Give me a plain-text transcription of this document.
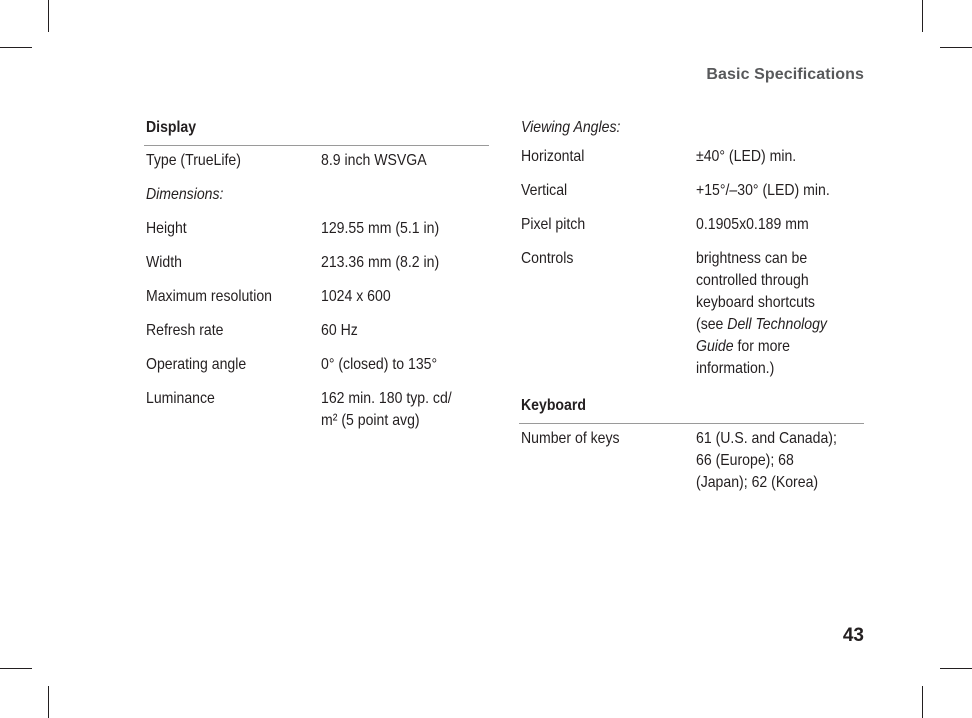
Basic Specifications
Display
Type (TrueLife)	8.9 inch WSVGA
Dimensions:
Height	129.55 mm (5.1 in)
Width	213.36 mm (8.2 in)
Maximum resolution	1024 x 600
Refresh rate	60 Hz
Operating angle	0° (closed) to 135°
Luminance	162 min. 180 typ. cd/
m² (5 point avg)
Viewing Angles:
Horizontal	±40° (LED) min.
Vertical	+15°/–30° (LED) min.
Pixel pitch	0.1905x0.189 mm
Controls	brightness can be
controlled through
keyboard shortcuts
(see Dell Technology
Guide for more
information.)
Keyboard
Number of keys	61 (U.S. and Canada);
66 (Europe); 68
(Japan); 62 (Korea)
43
